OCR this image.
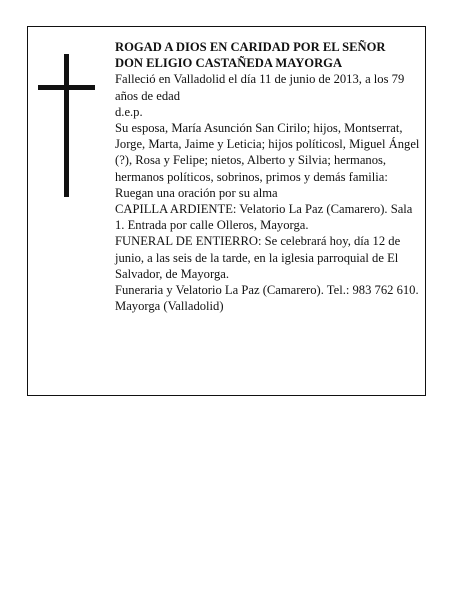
ROGAD A DIOS EN CARIDAD POR EL SEÑOR
DON ELIGIO CASTAÑEDA MAYORGA

Falleció en Valladolid el día 11 de junio de 2013, a los 79 años de edad

d.e.p.

Su esposa, María Asunción San Cirilo; hijos, Montserrat, Jorge, Marta, Jaime y Leticia; hijos políticosl, Miguel Ángel (?), Rosa y Felipe; nietos, Alberto y Silvia; hermanos, hermanos políticos, sobrinos, primos y demás familia:

Ruegan una oración por su alma

CAPILLA ARDIENTE: Velatorio La Paz (Camarero). Sala 1. Entrada por calle Olleros, Mayorga.

FUNERAL DE ENTIERRO: Se celebrará hoy, día 12 de junio, a las seis de la tarde, en la iglesia parroquial de El Salvador, de Mayorga.

Funeraria y Velatorio La Paz (Camarero). Tel.: 983 762 610. Mayorga (Valladolid)
